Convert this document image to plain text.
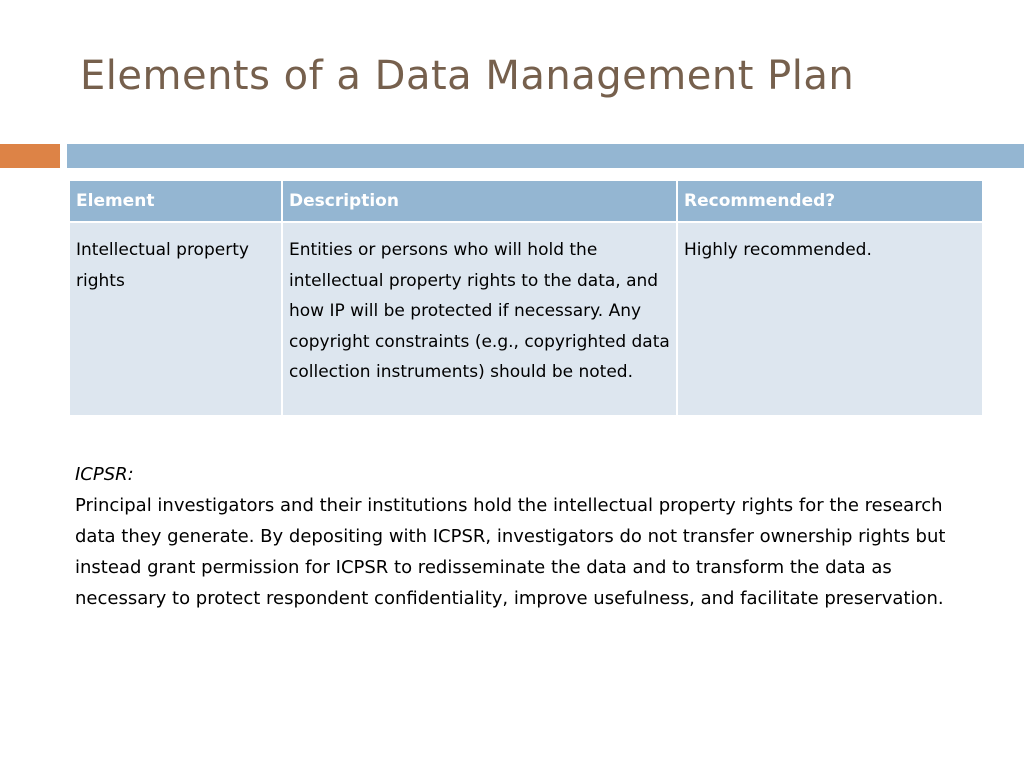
Elements of a Data Management Plan
Element	Description	Recommended?
Intellectual property rights	Entities or persons who will hold the intellectual property rights to the data, and how IP will be protected if necessary. Any copyright constraints (e.g., copyrighted data collection instruments) should be noted.	Highly recommended.
ICPSR:
Principal investigators and their institutions hold the intellectual property rights for the research data they generate. By depositing with ICPSR, investigators do not transfer ownership rights but instead grant permission for ICPSR to redisseminate the data and to transform the data as necessary to protect respondent confidentiality, improve usefulness, and facilitate preservation.
